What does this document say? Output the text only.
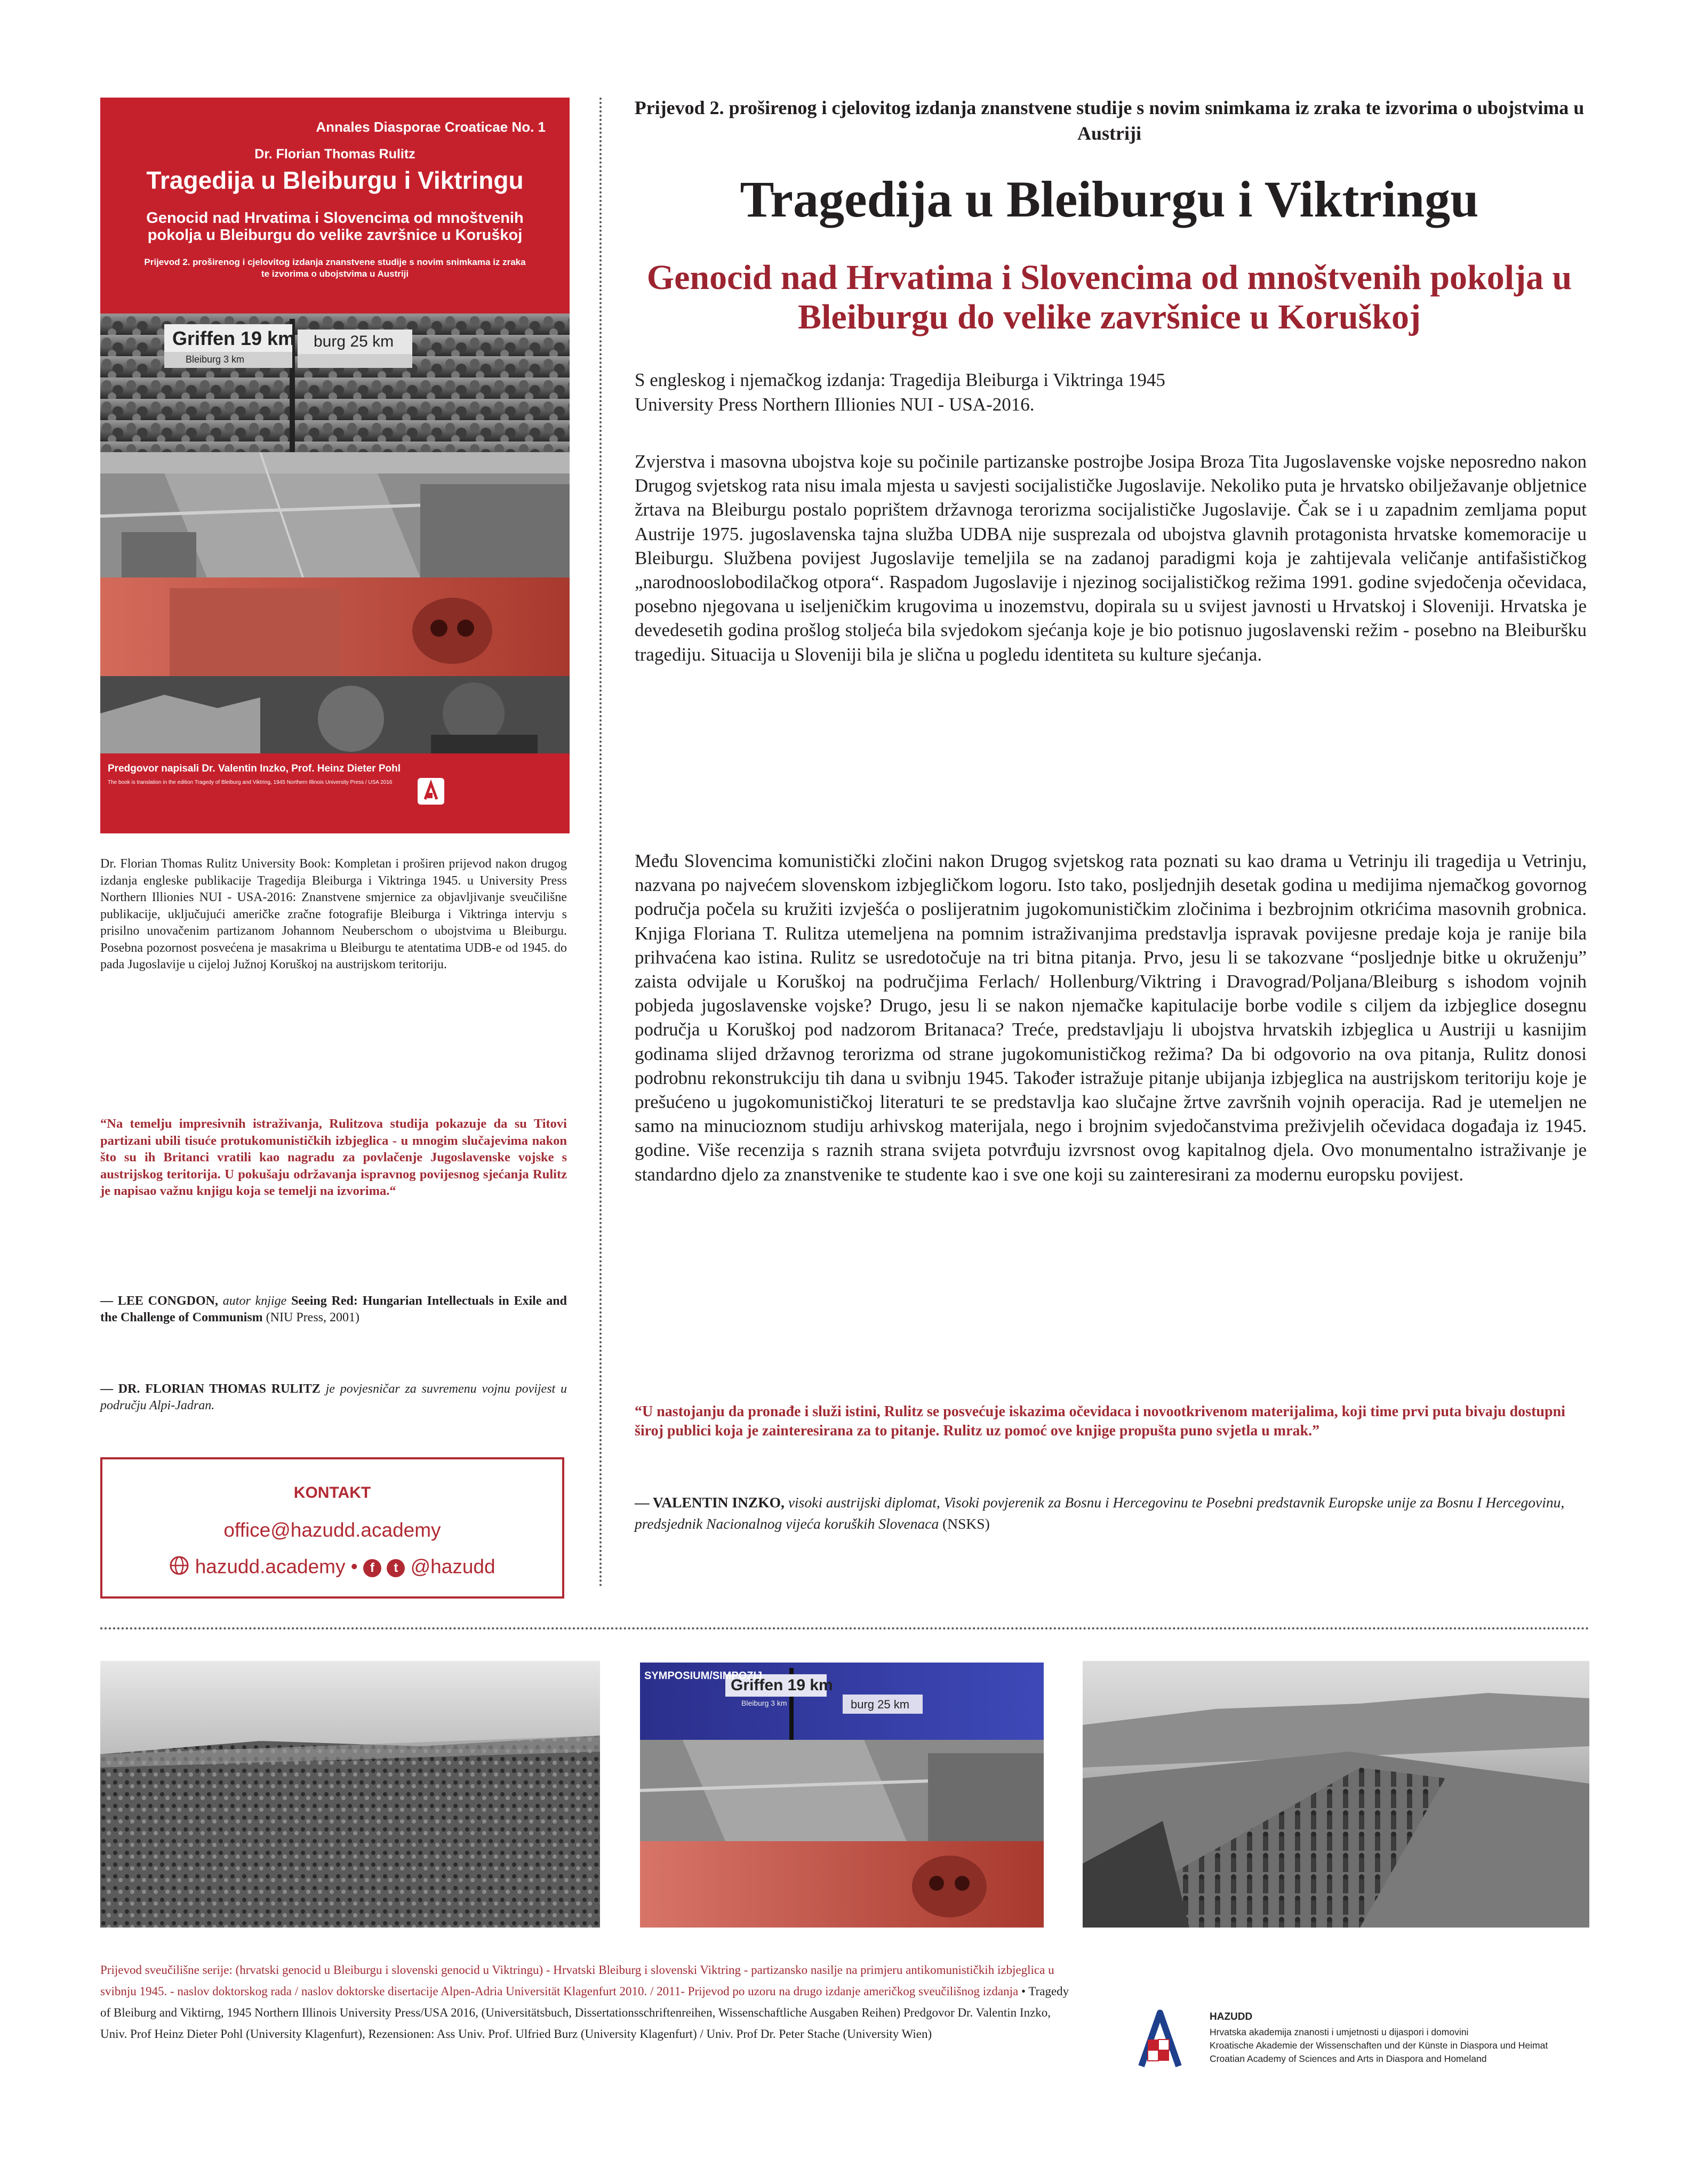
Annales Diasporae Croaticae No. 1
Dr. Florian Thomas Rulitz
Tragedija u Bleiburgu i Viktringu
Genocid nad Hrvatima i Slovencima od mnoštvenih pokolja u Bleiburgu do velike završnice u Koruškoj
Prijevod 2. proširenog i cjelovitog izdanja znanstvene studije s novim snimkama iz zraka te izvorima o ubojstvima u Austriji
Griffen 19 km
Bleiburg 3 km
burg 25 km
Predgovor napisali Dr. Valentin Inzko, Prof. Heinz Dieter Pohl
The book is translation in the edition Tragedy of Bleiburg and Viktring, 1945 Northern Illinois University Press / USA 2016
Dr. Florian Thomas Rulitz University Book: Kompletan i proširen prijevod nakon drugog izdanja engleske publikacije Tragedija Bleiburga i Viktringa 1945. u University Press Northern Illionies NUI - USA-2016: Znanstvene smjernice za objavljivanje sveučilišne publikacije, uključujući američke zračne fotografije Bleiburga i Viktringa intervju s prisilno unovačenim partizanom Johannom Neuberschom o ubojstvima u Bleiburgu. Posebna pozornost posvećena je masakrima u Bleiburgu te atentatima UDB-e od 1945. do pada Jugoslavije u cijeloj Južnoj Koruškoj na austrijskom teritoriju.
“Na temelju impresivnih istraživanja, Rulitzova studija pokazuje da su Titovi partizani ubili tisuće protukomunističkih izbjeglica - u mnogim slučajevima nakon što su ih Britanci vratili kao nagradu za povlačenje Jugoslavenske vojske s austrijskog teritorija. U pokušaju održavanja ispravnog povijesnog sjećanja Rulitz je napisao važnu knjigu koja se temelji na izvorima.“
— LEE CONGDON, autor knjige Seeing Red: Hungarian Intellectuals in Exile and the Challenge of Communism (NIU Press, 2001)
— DR. FLORIAN THOMAS RULITZ je povjesničar za suvremenu vojnu povijest u području Alpi-Jadran.
KONTAKT
office@hazudd.academy
hazudd.academy • f t @hazudd
Prijevod 2. proširenog i cjelovitog izdanja znanstvene studije s novim snimkama iz zraka te izvorima o ubojstvima u Austriji
Tragedija u Bleiburgu i Viktringu
Genocid nad Hrvatima i Slovencima od mnoštvenih pokolja u Bleiburgu do velike završnice u Koruškoj
S engleskog i njemačkog izdanja: Tragedija Bleiburga i Viktringa 1945
University Press Northern Illionies NUI - USA-2016.
Zvjerstva i masovna ubojstva koje su počinile partizanske postrojbe Josipa Broza Tita Jugoslavenske vojske neposredno nakon Drugog svjetskog rata nisu imala mjesta u savjesti socijalističke Jugoslavije. Nekoliko puta je hrvatsko obilježavanje obljetnice žrtava na Bleiburgu postalo poprištem državnoga terorizma socijalističke Jugoslavije. Čak se i u zapadnim zemljama poput Austrije 1975. jugoslavenska tajna služba UDBA nije susprezala od ubojstva glavnih protagonista hrvatske komemoracije u Bleiburgu. Službena povijest Jugoslavije temeljila se na zadanoj paradigmi koja je zahtijevala veličanje antifašističkog „narodnooslobodilačkog otpora“. Raspadom Jugoslavije i njezinog socijalističkog režima 1991. godine svjedočenja očevidaca, posebno njegovana u iseljeničkim krugovima u inozemstvu, dopirala su u svijest javnosti u Hrvatskoj i Sloveniji. Hrvatska je devedesetih godina prošlog stoljeća bila svjedokom sjećanja koje je bio potisnuo jugoslavenski režim - posebno na Bleiburšku tragediju. Situacija u Sloveniji bila je slična u pogledu identiteta su kulture sjećanja.
Među Slovencima komunistički zločini nakon Drugog svjetskog rata poznati su kao drama u Vetrinju ili tragedija u Vetrinju, nazvana po najvećem slovenskom izbjegličkom logoru. Isto tako, posljednjih desetak godina u medijima njemačkog govornog područja počela su kružiti izvješća o poslijeratnim jugokomunističkim zločinima i bezbrojnim otkrićima masovnih grobnica. Knjiga Floriana T. Rulitza utemeljena na pomnim istraživanjima predstavlja ispravak povijesne predaje koja je ranije bila prihvaćena kao istina. Rulitz se usredotočuje na tri bitna pitanja. Prvo, jesu li se takozvane “posljednje bitke u okruženju” zaista odvijale u Koruškoj na područjima Ferlach/ Hollenburg/Viktring i Dravograd/Poljana/Bleiburg s ishodom vojnih pobjeda jugoslavenske vojske? Drugo, jesu li se nakon njemačke kapitulacije borbe vodile s ciljem da izbjeglice dosegnu područja u Koruškoj pod nadzorom Britanaca? Treće, predstavljaju li ubojstva hrvatskih izbjeglica u Austriji u kasnijim godinama slijed državnog terorizma od strane jugokomunističkog režima? Da bi odgovorio na ova pitanja, Rulitz donosi podrobnu rekonstrukciju tih dana u svibnju 1945. Također istražuje pitanje ubijanja izbjeglica na austrijskom teritoriju koje je prešućeno u jugokomunističkoj literaturi te se predstavlja kao slučajne žrtve završnih vojnih operacija. Rad je utemeljen ne samo na minucioznom studiju arhivskog materijala, nego i brojnim svjedočanstvima preživjelih očevidaca događaja iz 1945. godine. Više recenzija s raznih strana svijeta potvrđuju izvrsnost ovog kapitalnog djela. Ovo monumentalno istraživanje je standardno djelo za znanstvenike te studente kao i sve one koji su zainteresirani za modernu europsku povijest.
“U nastojanju da pronađe i služi istini, Rulitz se posvećuje iskazima očevidaca i novootkrivenom materijalima, koji time prvi puta bivaju dostupni široj publici koja je zainteresirana za to pitanje. Rulitz uz pomoć ove knjige propušta puno svjetla u mrak.”
— VALENTIN INZKO, visoki austrijski diplomat, Visoki povjerenik za Bosnu i Hercegovinu te Posebni predstavnik Europske unije za Bosnu I Hercegovinu, predsjednik Nacionalnog vijeća koruških Slovenaca (NSKS)
SYMPOSIUM/SIMPOZIJ
Griffen 19 km
burg 25 km
Bleiburg 3 km
Prijevod sveučilišne serije: (hrvatski genocid u Bleiburgu i slovenski genocid u Viktringu) - Hrvatski Bleiburg i slovenski Viktring - partizansko nasilje na primjeru antikomunističkih izbjeglica u svibnju 1945. - naslov doktorskog rada / naslov doktorske disertacije Alpen-Adria Universität Klagenfurt 2010. / 2011- Prijevod po uzoru na drugo izdanje američkog sveučilišnog izdanja • Tragedy of Bleiburg and Viktirng, 1945 Northern Illinois University Press/USA 2016, (Universitätsbuch, Dissertationsschriftenreihen, Wissenschaftliche Ausgaben Reihen) Predgovor Dr. Valentin Inzko, Univ. Prof Heinz Dieter Pohl (University Klagenfurt), Rezensionen: Ass Univ. Prof. Ulfried Burz (University Klagenfurt) / Univ. Prof Dr. Peter Stache (University Wien)
HAZUDD
Hrvatska akademija znanosti i umjetnosti u dijaspori i domovini
Kroatische Akademie der Wissenschaften und der Künste in Diaspora und Heimat
Croatian Academy of Sciences and Arts in Diaspora and Homeland
